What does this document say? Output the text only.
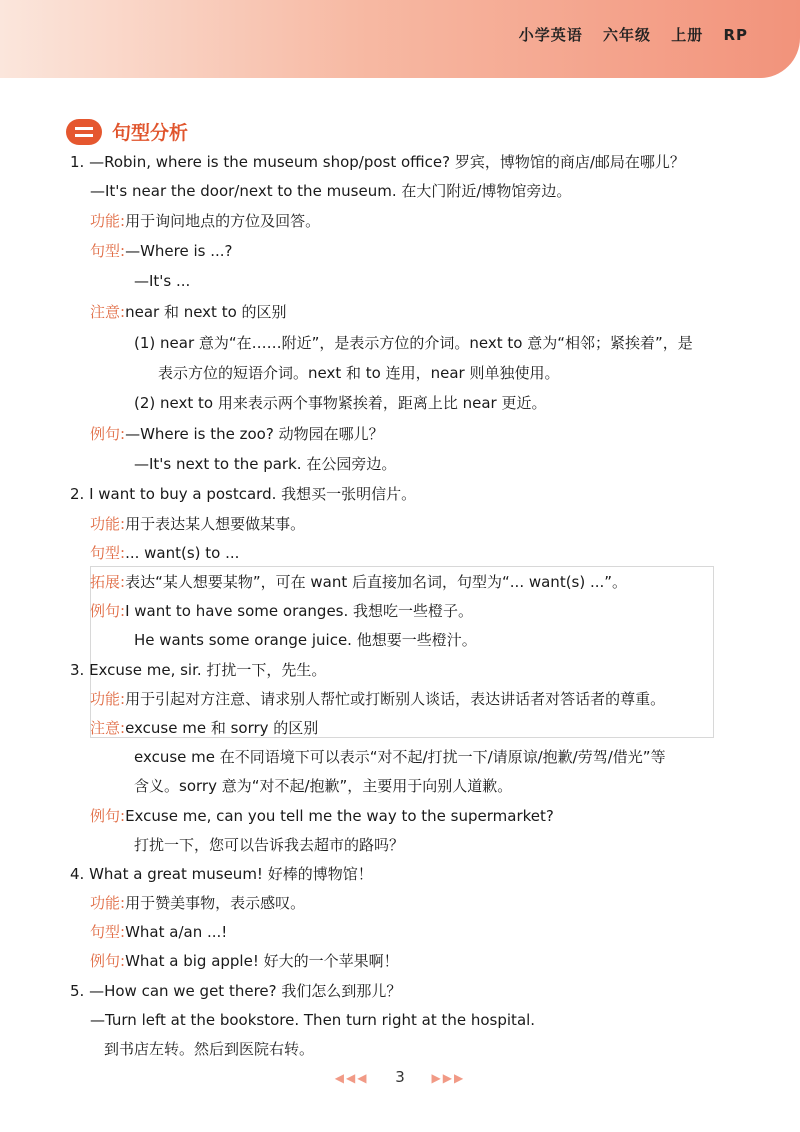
小学英语 六年级 上册 RP
句型分析
1. —Robin, where is the museum shop/post office? 罗宾，博物馆的商店/邮局在哪儿？
—It's near the door/next to the museum. 在大门附近/博物馆旁边。
功能:用于询问地点的方位及回答。
句型:—Where is ...?
—It's ...
注意:near 和 next to 的区别
(1) near 意为“在……附近”，是表示方位的介词。next to 意为“相邻；紧挨着”，是
表示方位的短语介词。next 和 to 连用，near 则单独使用。
(2) next to 用来表示两个事物紧挨着，距离上比 near 更近。
例句:—Where is the zoo? 动物园在哪儿？
—It's next to the park. 在公园旁边。
2. I want to buy a postcard. 我想买一张明信片。
功能:用于表达某人想要做某事。
句型:... want(s) to ...
拓展:表达“某人想要某物”，可在 want 后直接加名词，句型为“... want(s) ...”。
例句:I want to have some oranges. 我想吃一些橙子。
He wants some orange juice. 他想要一些橙汁。
3. Excuse me, sir. 打扰一下，先生。
功能:用于引起对方注意、请求别人帮忙或打断别人谈话，表达讲话者对答话者的尊重。
注意:excuse me 和 sorry 的区别
excuse me 在不同语境下可以表示“对不起/打扰一下/请原谅/抱歉/劳驾/借光”等
含义。sorry 意为“对不起/抱歉”，主要用于向别人道歉。
例句:Excuse me, can you tell me the way to the supermarket?
打扰一下，您可以告诉我去超市的路吗？
4. What a great museum! 好棒的博物馆！
功能:用于赞美事物，表示感叹。
句型:What a/an ...!
例句:What a big apple! 好大的一个苹果啊！
5. —How can we get there? 我们怎么到那儿？
—Turn left at the bookstore. Then turn right at the hospital.
到书店左转。然后到医院右转。
◀◀◀ 3 ▶▶▶
